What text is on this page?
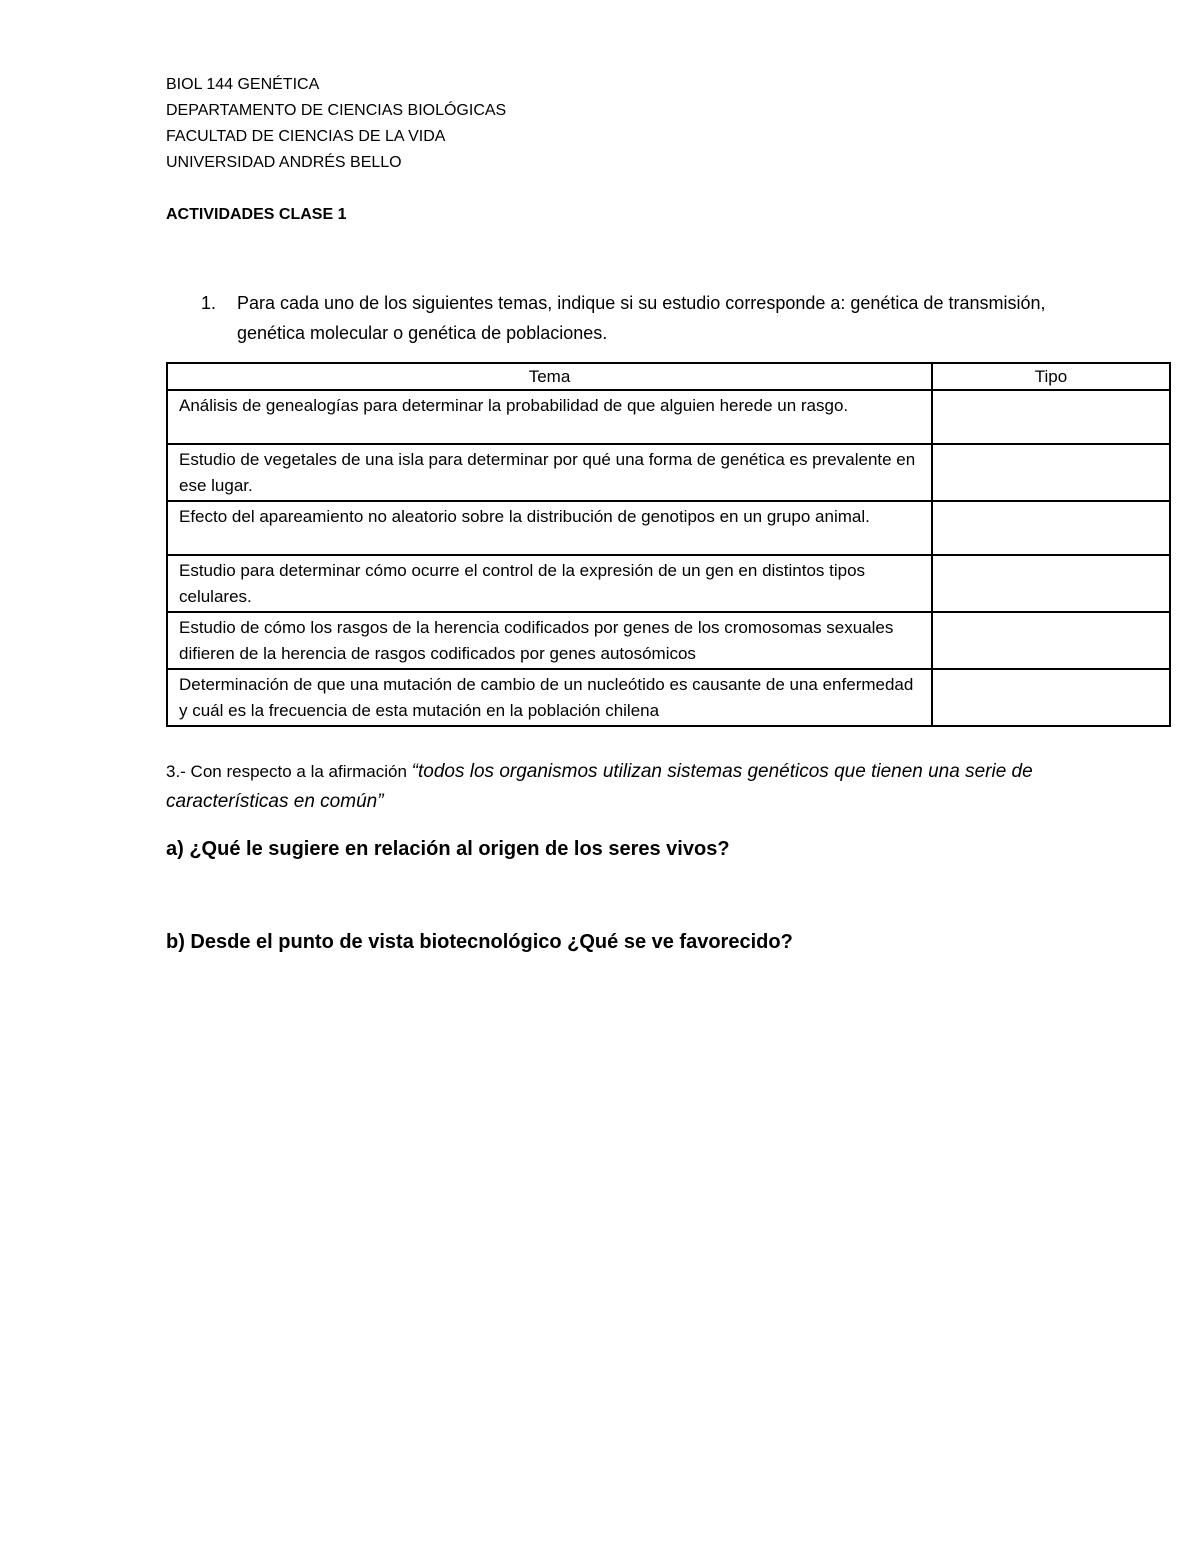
BIOL 144 GENÉTICA
DEPARTAMENTO DE CIENCIAS BIOLÓGICAS
FACULTAD DE CIENCIAS DE LA VIDA
UNIVERSIDAD ANDRÉS BELLO
ACTIVIDADES CLASE 1
1.	Para cada uno de los siguientes temas, indique si su estudio corresponde a: genética de transmisión, genética molecular o genética de poblaciones.
Tema	Tipo
Análisis de genealogías para determinar la probabilidad de que alguien herede un rasgo.	
Estudio de vegetales de una isla para determinar por qué una forma de genética es prevalente en ese lugar.	
Efecto del apareamiento no aleatorio sobre la distribución de genotipos en un grupo animal.	
Estudio para determinar cómo ocurre el control de la expresión de un gen en distintos tipos celulares.	
Estudio de cómo los rasgos de la herencia codificados por genes de los cromosomas sexuales difieren de la herencia de rasgos codificados por genes autosómicos	
Determinación de que una mutación de cambio de un nucleótido es causante de una enfermedad y cuál es la frecuencia de esta mutación en la población chilena	
3.- Con respecto a la afirmación “todos los organismos utilizan sistemas genéticos que tienen una serie de características en común”
a) ¿Qué le sugiere en relación al origen de los seres vivos?
b) Desde el punto de vista biotecnológico ¿Qué se ve favorecido?
